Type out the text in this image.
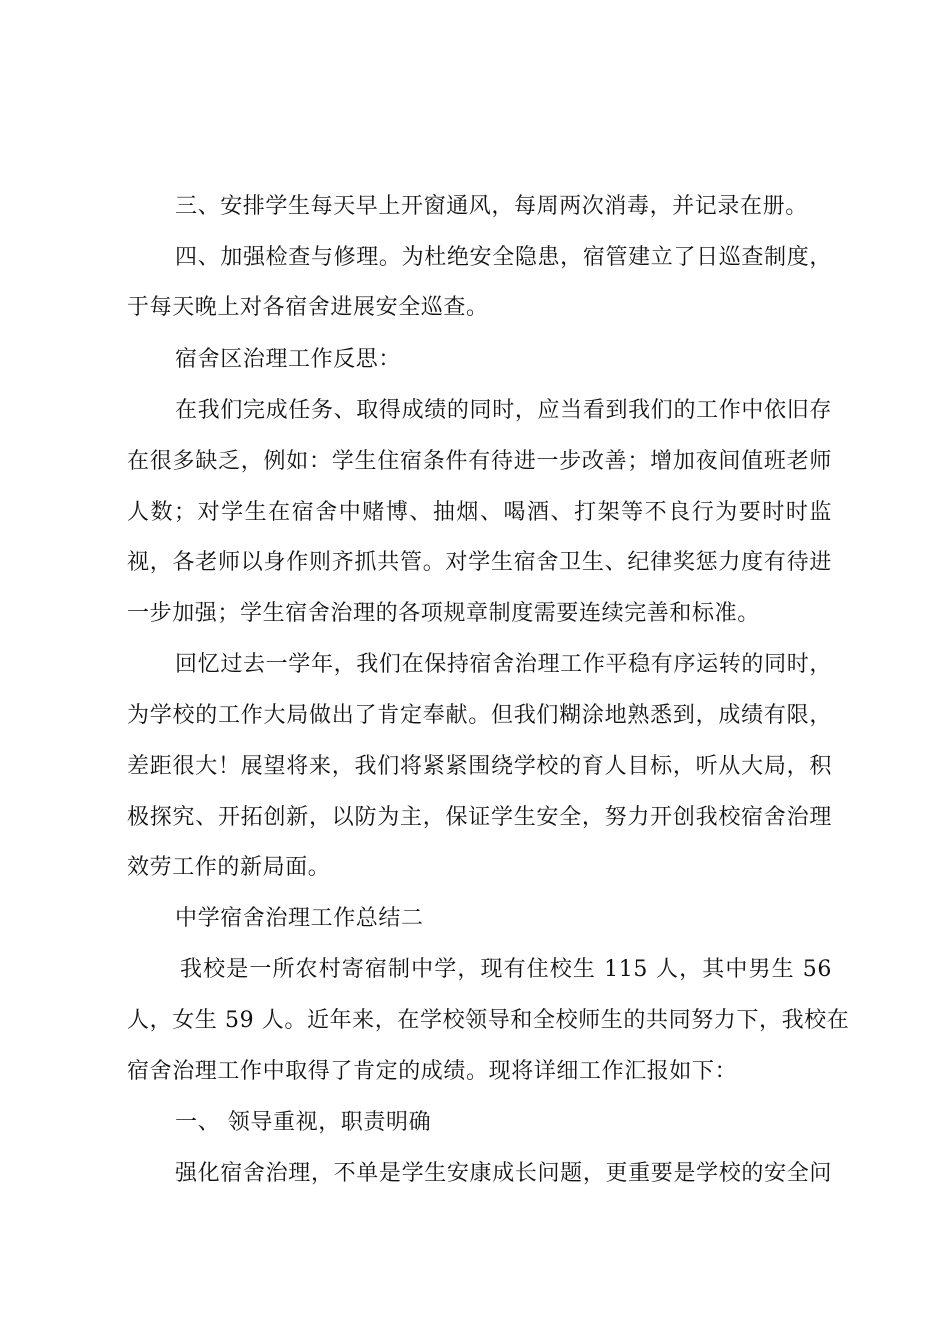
三、安排学生每天早上开窗通风，每周两次消毒，并记录在册。
四、加强检查与修理。为杜绝安全隐患，宿管建立了日巡查制度，
于每天晚上对各宿舍进展安全巡查。
宿舍区治理工作反思：
在我们完成任务、取得成绩的同时，应当看到我们的工作中依旧存
在很多缺乏，例如：学生住宿条件有待进一步改善；增加夜间值班老师
人数；对学生在宿舍中赌博、抽烟、喝酒、打架等不良行为要时时监
视，各老师以身作则齐抓共管。对学生宿舍卫生、纪律奖惩力度有待进
一步加强；学生宿舍治理的各项规章制度需要连续完善和标准。
回忆过去一学年，我们在保持宿舍治理工作平稳有序运转的同时，
为学校的工作大局做出了肯定奉献。但我们糊涂地熟悉到，成绩有限，
差距很大！展望将来，我们将紧紧围绕学校的育人目标，听从大局，积
极探究、开拓创新，以防为主，保证学生安全，努力开创我校宿舍治理
效劳工作的新局面。
中学宿舍治理工作总结二
我校是一所农村寄宿制中学，现有住校生 115 人，其中男生 56
人，女生 59 人。近年来，在学校领导和全校师生的共同努力下，我校在
宿舍治理工作中取得了肯定的成绩。现将详细工作汇报如下：
一、 领导重视，职责明确
强化宿舍治理，不单是学生安康成长问题，更重要是学校的安全问
